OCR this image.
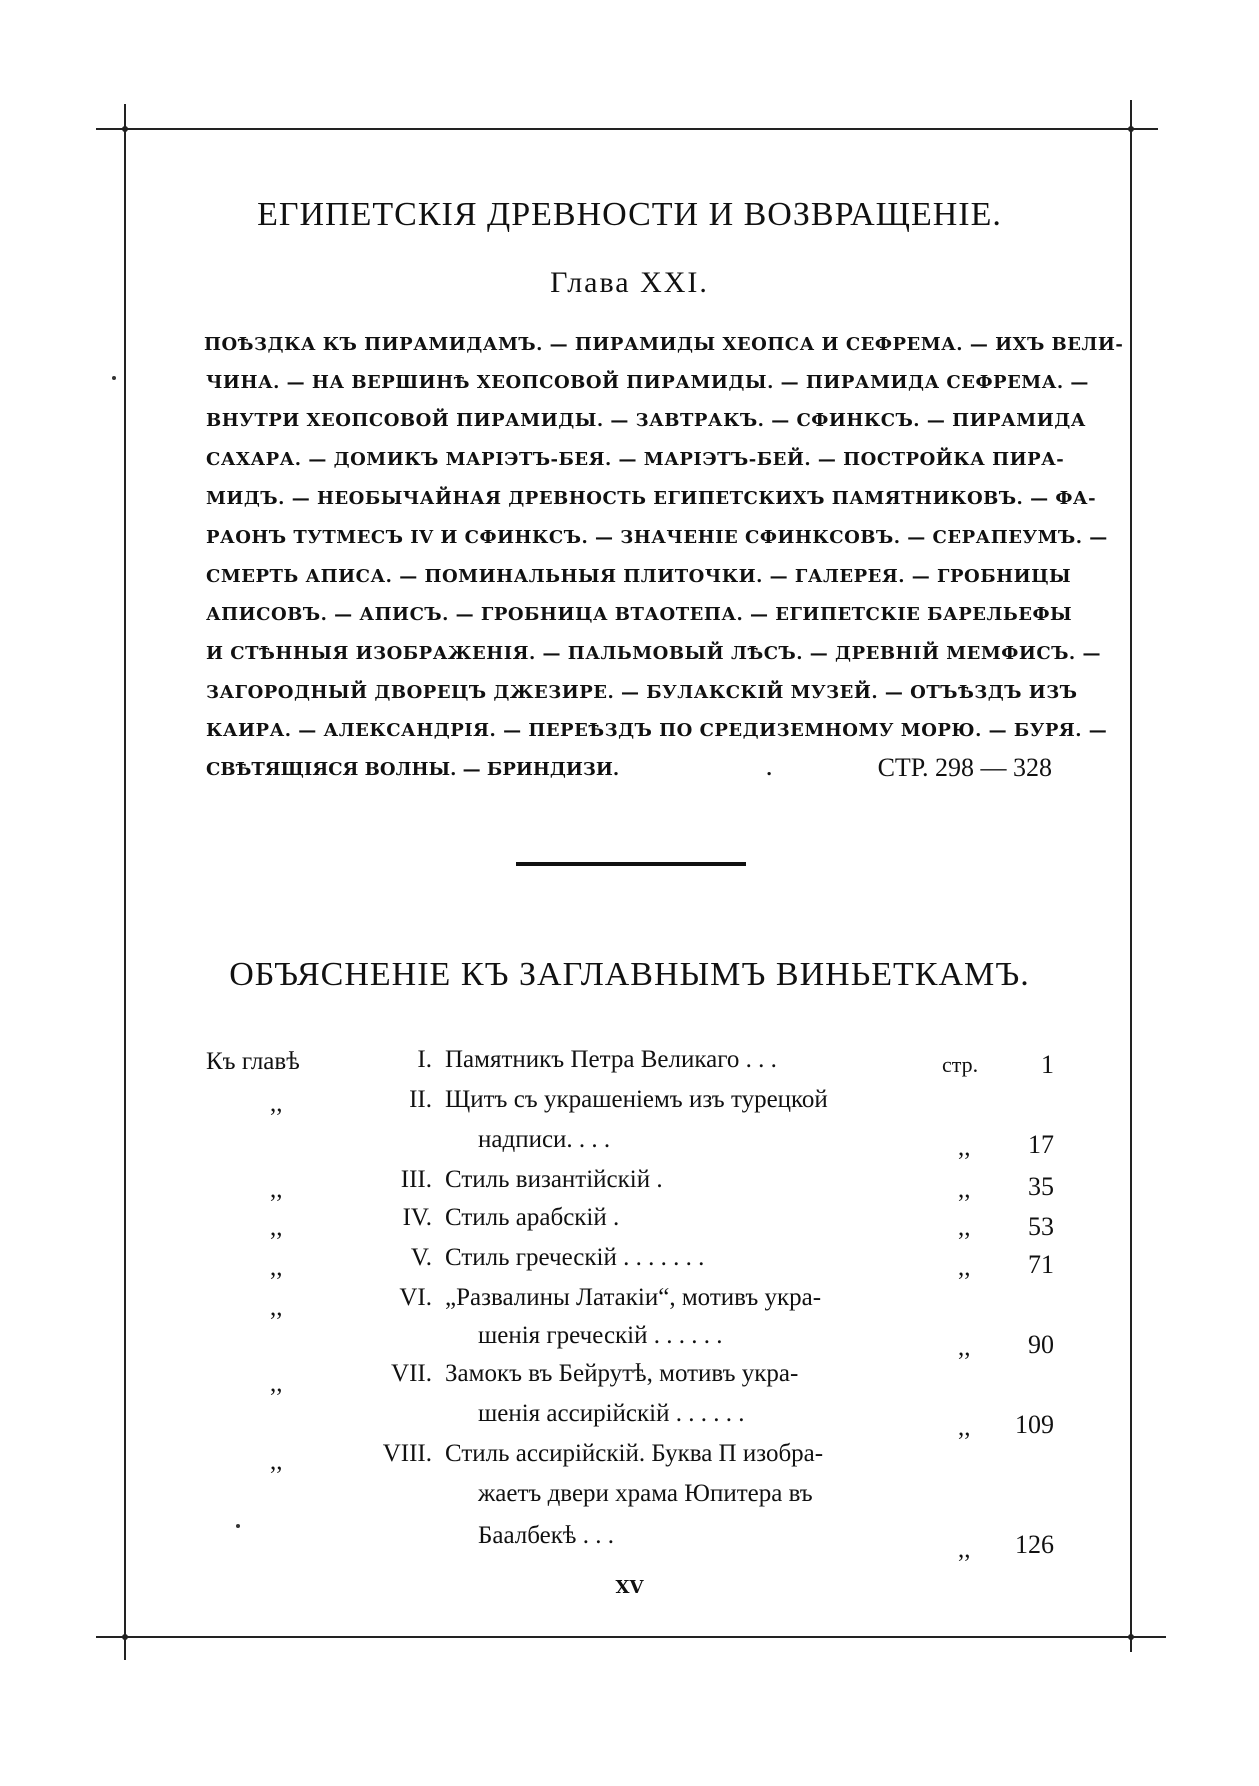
ЕГИПЕТСКІЯ ДРЕВНОСТИ И ВОЗВРАЩЕНІЕ.
Глава XXI.
ПОѢЗДКА КЪ ПИРАМИДАМЪ. — ПИРАМИДЫ ХЕОПСА И СЕФРЕМА. — ИХЪ ВЕЛИ-
ЧИНА. — НА ВЕРШИНѢ ХЕОПСОВОЙ ПИРАМИДЫ. — ПИРАМИДА СЕФРЕМА. —
ВНУТРИ ХЕОПСОВОЙ ПИРАМИДЫ. — ЗАВТРАКЪ. — СФИНКСЪ. — ПИРАМИДА
САХАРА. — ДОМИКЪ МАРІЭТЪ-БЕЯ. — МАРІЭТЪ-БЕЙ. — ПОСТРОЙКА ПИРА-
МИДЪ. — НЕОБЫЧАЙНАЯ ДРЕВНОСТЬ ЕГИПЕТСКИХЪ ПАМЯТНИКОВЪ. — ФА-
РАОНЪ ТУТМЕСЪ IV И СФИНКСЪ. — ЗНАЧЕНІЕ СФИНКСОВЪ. — СЕРАПЕУМЪ. —
СМЕРТЬ АПИСА. — ПОМИНАЛЬНЫЯ ПЛИТОЧКИ. — ГАЛЕРЕЯ. — ГРОБНИЦЫ
АПИСОВЪ. — АПИСЪ. — ГРОБНИЦА ВТАОТЕПА. — ЕГИПЕТСКІЕ БАРЕЛЬЕФЫ
И СТѢННЫЯ ИЗОБРАЖЕНІЯ. — ПАЛЬМОВЫЙ ЛѢСЪ. — ДРЕВНІЙ МЕМФИСЪ. —
ЗАГОРОДНЫЙ ДВОРЕЦЪ ДЖЕЗИРЕ. — БУЛАКСКІЙ МУЗЕЙ. — ОТЪѢЗДЪ ИЗЪ
КАИРА. — АЛЕКСАНДРІЯ. — ПЕРЕѢЗДЪ ПО СРЕДИЗЕМНОМУ МОРЮ. — БУРЯ. —
СВѢТЯЩІЯСЯ ВОЛНЫ. — БРИНДИЗИ.	.	СТР. 298 — 328
ОБЪЯСНЕНІЕ КЪ ЗАГЛАВНЫМЪ ВИНЬЕТКАМЪ.
Къ главѣ	I. Памятникъ Петра Великаго . . .	стр. 1
,,	II. Щитъ съ украшеніемъ изъ турецкой
надписи. . . .	,, 17
,,	III. Стиль византійскій .	,, 35
,,	IV. Стиль арабскій .	,, 53
,,	V. Стиль греческій . . . . . . .	,, 71
,,	VI. „Развалины Латакіи“, мотивъ укра-
шенія греческій . . . . . .	,, 90
,,	VII. Замокъ въ Бейрутѣ, мотивъ укра-
шенія ассирійскій . . . . . .
,, 109
,,	VIII. Стиль ассирійскій. Буква П изобра-
жаетъ двери храма Юпитера въ
Баалбекѣ . . .
,, 126
XV
